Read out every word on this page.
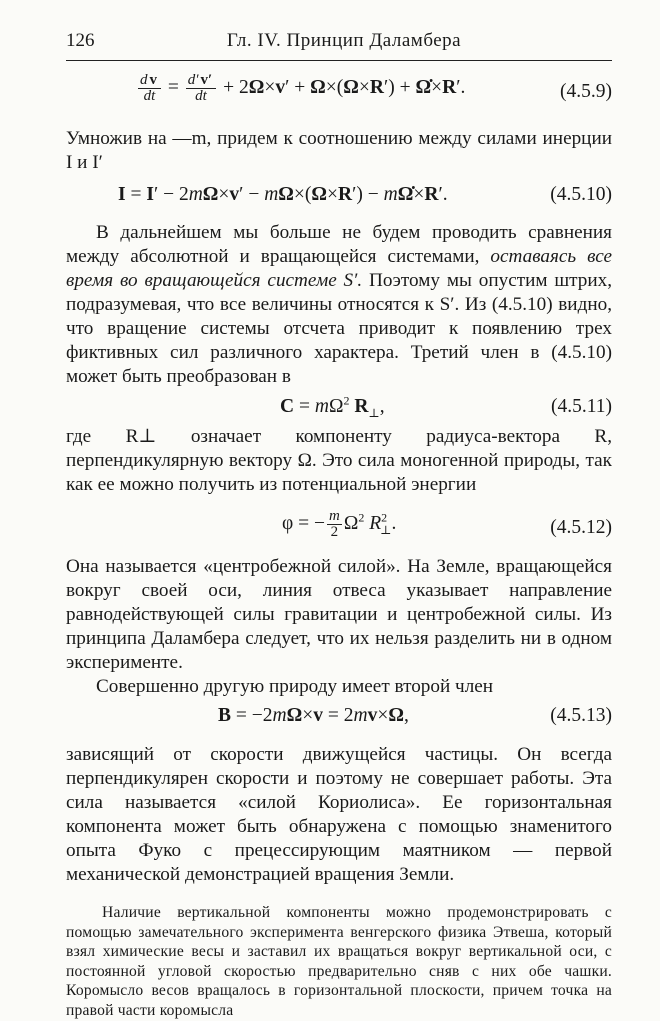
126	Гл. IV. Принцип Даламбера
$\frac{\text{d v}}{dt} = \frac{d' v'}{dt} + 2\Omega\times v' + \Omega\times(\Omega\times R')$ + Ω̇×R′.	(4.5.9)

Умножив на —m, придем к соотношению между силами инерции I и I′

I = I′ − 2mΩ×v′ − mΩ×(Ω×R′) − mΩ̇×R′.	(4.5.10)

В дальнейшем мы больше не будем проводить сравнения между абсолютной и вращающейся системами, оставаясь все время во вращающейся системе S′. Поэтому мы опустим штрих, подразумевая, что все величины относятся к S′. Из (4.5.10) видно, что вращение системы отсчета приводит к появлению трех фиктивных сил различного характера. Третий член в (4.5.10) может быть преобразован в

$C = m\Omega^2$ $R_\perp$,	(4.5.11)

где R⊥ означает компоненту радиуса-вектора R, перпендикулярную вектору Ω. Это сила моногенной природы, так как ее можно получить из потенциальной энергии

φ = − $\frac{m}{2} \Omega^2$ $R^2_\perp$.	(4.5.12)

Она называется «центробежной силой». На Земле, вращающейся вокруг своей оси, линия отвеса указывает направление равнодействующей силы гравитации и центробежной силы. Из принципа Даламбера следует, что их нельзя разделить ни в одном эксперименте.

Совершенно другую природу имеет второй член

B = −2mΩ×v = 2mv×Ω,	(4.5.13)

зависящий от скорости движущейся частицы. Он всегда перпендикулярен скорости и поэтому не совершает работы. Эта сила называется «силой Кориолиса». Ее горизонтальная компонента может быть обнаружена с помощью знаменитого опыта Фуко с прецессирующим маятником — первой механической демонстрацией вращения Земли.

Наличие вертикальной компоненты можно продемонстрировать с помощью замечательного эксперимента венгерского физика Этвеша, который взял химические весы и заставил их вращаться вокруг вертикальной оси, с постоянной угловой скоростью предварительно сняв с них обе чашки. Коромысло весов вращалось в горизонтальной плоскости, причем точка на правой части коромысла
